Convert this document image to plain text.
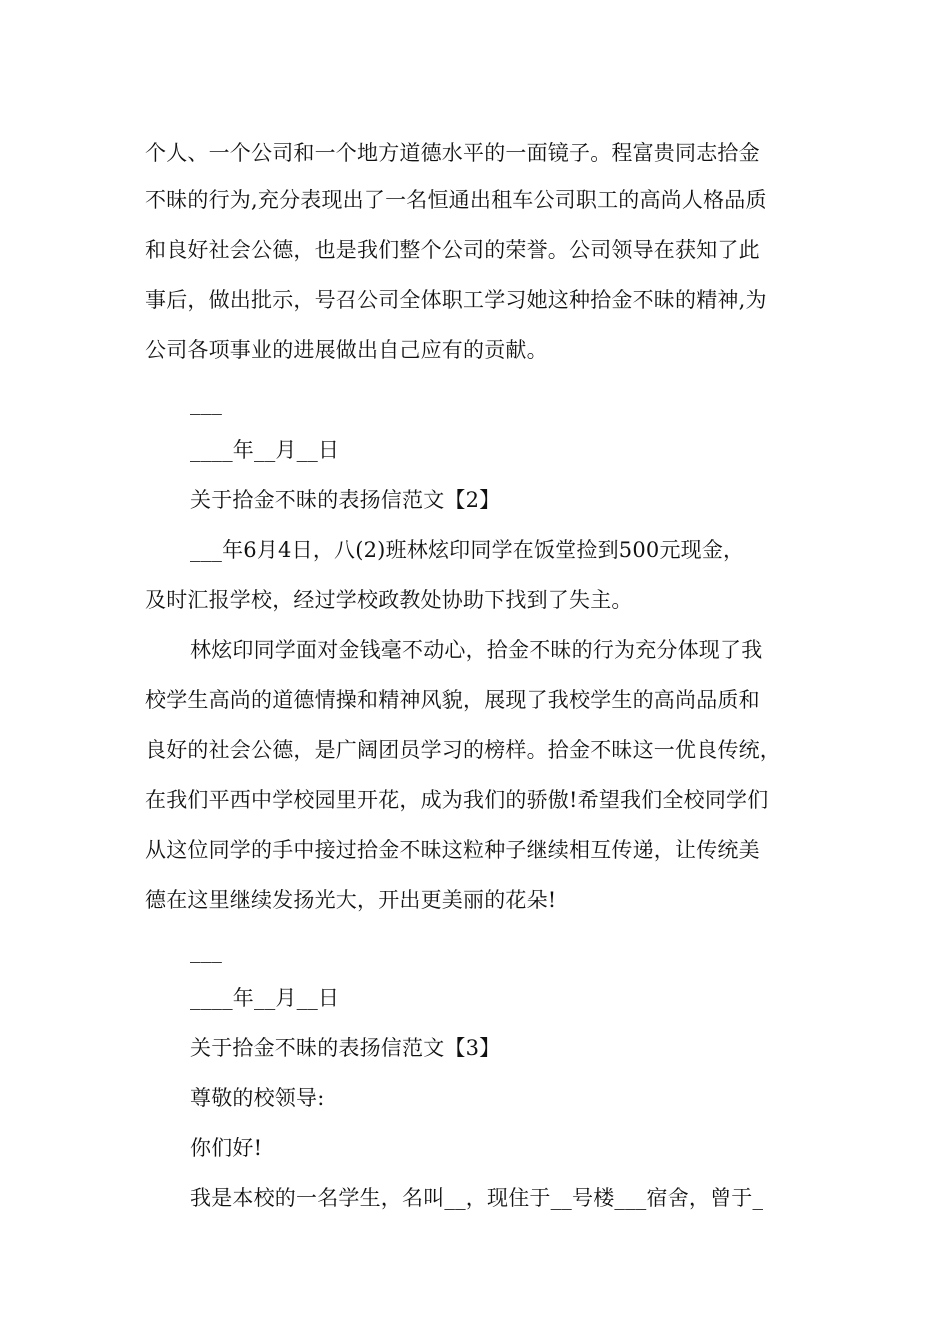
个人、一个公司和一个地方道德水平的一面镜子。程富贵同志拾金
不昧的行为,充分表现出了一名恒通出租车公司职工的高尚人格品质
和良好社会公德，也是我们整个公司的荣誉。公司领导在获知了此
事后，做出批示，号召公司全体职工学习她这种拾金不昧的精神,为
公司各项事业的进展做出自己应有的贡献。
___
____年__月__日
关于拾金不昧的表扬信范文【2】
___年6月4日，八(2)班林炫印同学在饭堂捡到500元现金，
及时汇报学校，经过学校政教处协助下找到了失主。
林炫印同学面对金钱毫不动心，拾金不昧的行为充分体现了我
校学生高尚的道德情操和精神风貌，展现了我校学生的高尚品质和
良好的社会公德，是广阔团员学习的榜样。拾金不昧这一优良传统，
在我们平西中学校园里开花，成为我们的骄傲!希望我们全校同学们
从这位同学的手中接过拾金不昧这粒种子继续相互传递，让传统美
德在这里继续发扬光大，开出更美丽的花朵!
___
____年__月__日
关于拾金不昧的表扬信范文【3】
尊敬的校领导:
你们好!
我是本校的一名学生，名叫__，现住于__号楼___宿舍，曾于_
